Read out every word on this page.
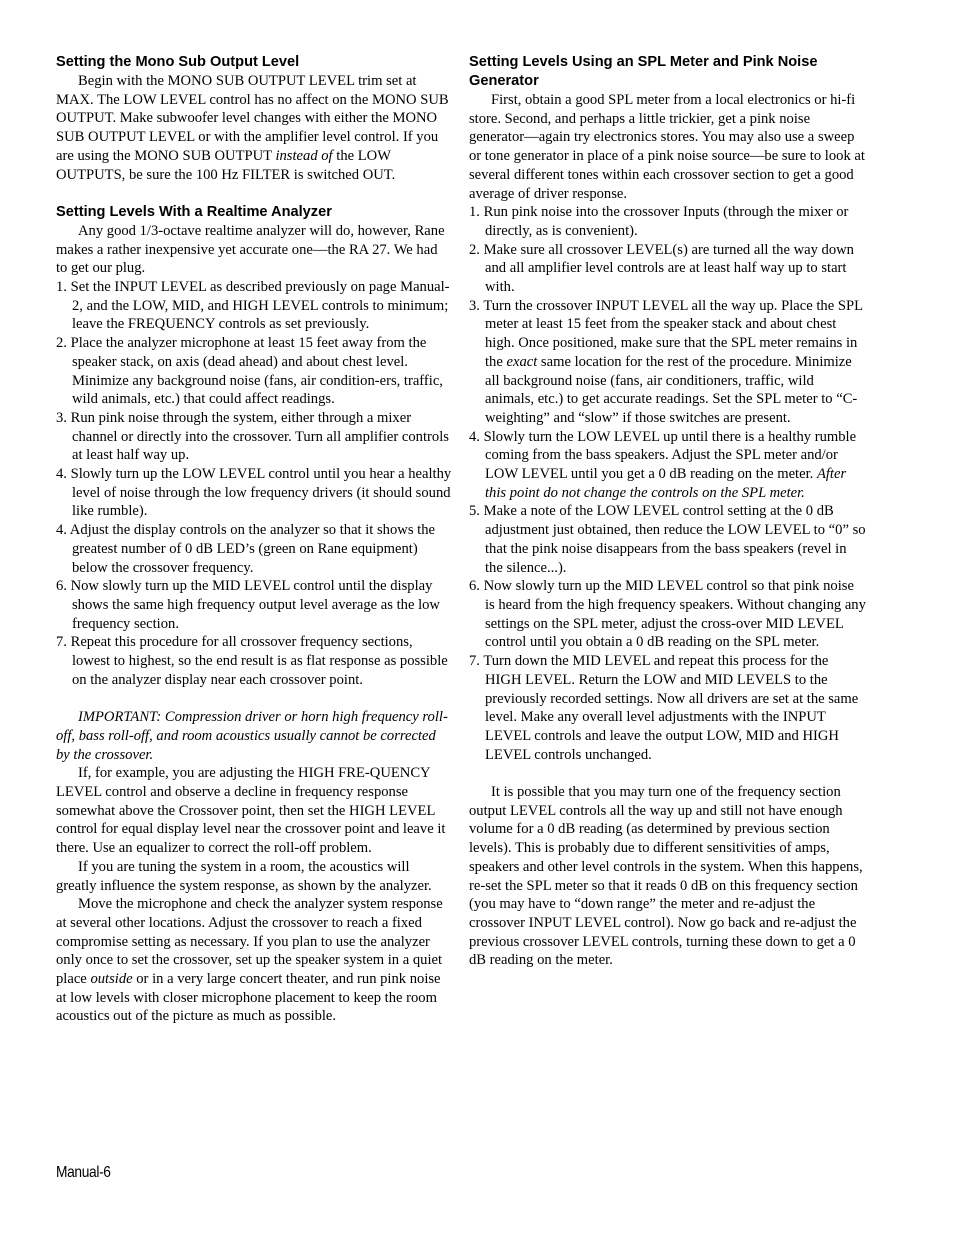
Setting the Mono Sub Output Level

Begin with the MONO SUB OUTPUT LEVEL trim set at MAX. The LOW LEVEL control has no affect on the MONO SUB OUTPUT. Make subwoofer level changes with either the MONO SUB OUTPUT LEVEL or with the amplifier level control. If you are using the MONO SUB OUTPUT instead of the LOW OUTPUTS, be sure the 100 Hz FILTER is switched OUT.

Setting Levels With a Realtime Analyzer

Any good 1/3-octave realtime analyzer will do, however, Rane makes a rather inexpensive yet accurate one—the RA 27. We had to get our plug.

1. Set the INPUT LEVEL as described previously on page Manual-2, and the LOW, MID, and HIGH LEVEL controls to minimum; leave the FREQUENCY controls as set previously.

2. Place the analyzer microphone at least 15 feet away from the speaker stack, on axis (dead ahead) and about chest level. Minimize any background noise (fans, air condition-ers, traffic, wild animals, etc.) that could affect readings.

3. Run pink noise through the system, either through a mixer channel or directly into the crossover. Turn all amplifier controls at least half way up.

4. Slowly turn up the LOW LEVEL control until you hear a healthy level of noise through the low frequency drivers (it should sound like rumble).

4. Adjust the display controls on the analyzer so that it shows the greatest number of 0 dB LED’s (green on Rane equipment) below the crossover frequency.

6. Now slowly turn up the MID LEVEL control until the display shows the same high frequency output level average as the low frequency section.

7. Repeat this procedure for all crossover frequency sections, lowest to highest, so the end result is as flat response as possible on the analyzer display near each crossover point.

IMPORTANT: Compression driver or horn high frequency roll-off, bass roll-off, and room acoustics usually cannot be corrected by the crossover.

If, for example, you are adjusting the HIGH FRE-QUENCY LEVEL control and observe a decline in frequency response somewhat above the Crossover point, then set the HIGH LEVEL control for equal display level near the crossover point and leave it there. Use an equalizer to correct the roll-off problem.

If you are tuning the system in a room, the acoustics will greatly influence the system response, as shown by the analyzer.

Move the microphone and check the analyzer system response at several other locations. Adjust the crossover to reach a fixed compromise setting as necessary. If you plan to use the analyzer only once to set the crossover, set up the speaker system in a quiet place outside or in a very large concert theater, and run pink noise at low levels with closer microphone placement to keep the room acoustics out of the picture as much as possible.

Setting Levels Using an SPL Meter and Pink Noise Generator

First, obtain a good SPL meter from a local electronics or hi-fi store. Second, and perhaps a little trickier, get a pink noise generator—again try electronics stores. You may also use a sweep or tone generator in place of a pink noise source—be sure to look at several different tones within each crossover section to get a good average of driver response.

1. Run pink noise into the crossover Inputs (through the mixer or directly, as is convenient).

2. Make sure all crossover LEVEL(s) are turned all the way down and all amplifier level controls are at least half way up to start with.

3. Turn the crossover INPUT LEVEL all the way up. Place the SPL meter at least 15 feet from the speaker stack and about chest high. Once positioned, make sure that the SPL meter remains in the exact same location for the rest of the procedure. Minimize all background noise (fans, air conditioners, traffic, wild animals, etc.) to get accurate readings. Set the SPL meter to “C-weighting” and “slow” if those switches are present.

4. Slowly turn the LOW LEVEL up until there is a healthy rumble coming from the bass speakers. Adjust the SPL meter and/or LOW LEVEL until you get a 0 dB reading on the meter. After this point do not change the controls on the SPL meter.

5. Make a note of the LOW LEVEL control setting at the 0 dB adjustment just obtained, then reduce the LOW LEVEL to “0” so that the pink noise disappears from the bass speakers (revel in the silence...).

6. Now slowly turn up the MID LEVEL control so that pink noise is heard from the high frequency speakers. Without changing any settings on the SPL meter, adjust the cross-over MID LEVEL control until you obtain a 0 dB reading on the SPL meter.

7. Turn down the MID LEVEL and repeat this process for the HIGH LEVEL. Return the LOW and MID LEVELS to the previously recorded settings. Now all drivers are set at the same level. Make any overall level adjustments with the INPUT LEVEL controls and leave the output LOW, MID and HIGH LEVEL controls unchanged.

It is possible that you may turn one of the frequency section output LEVEL controls all the way up and still not have enough volume for a 0 dB reading (as determined by previous section levels). This is probably due to different sensitivities of amps, speakers and other level controls in the system. When this happens, re-set the SPL meter so that it reads 0 dB on this frequency section (you may have to “down range” the meter and re-adjust the crossover INPUT LEVEL control). Now go back and re-adjust the previous crossover LEVEL controls, turning these down to get a 0 dB reading on the meter.

Manual-6
